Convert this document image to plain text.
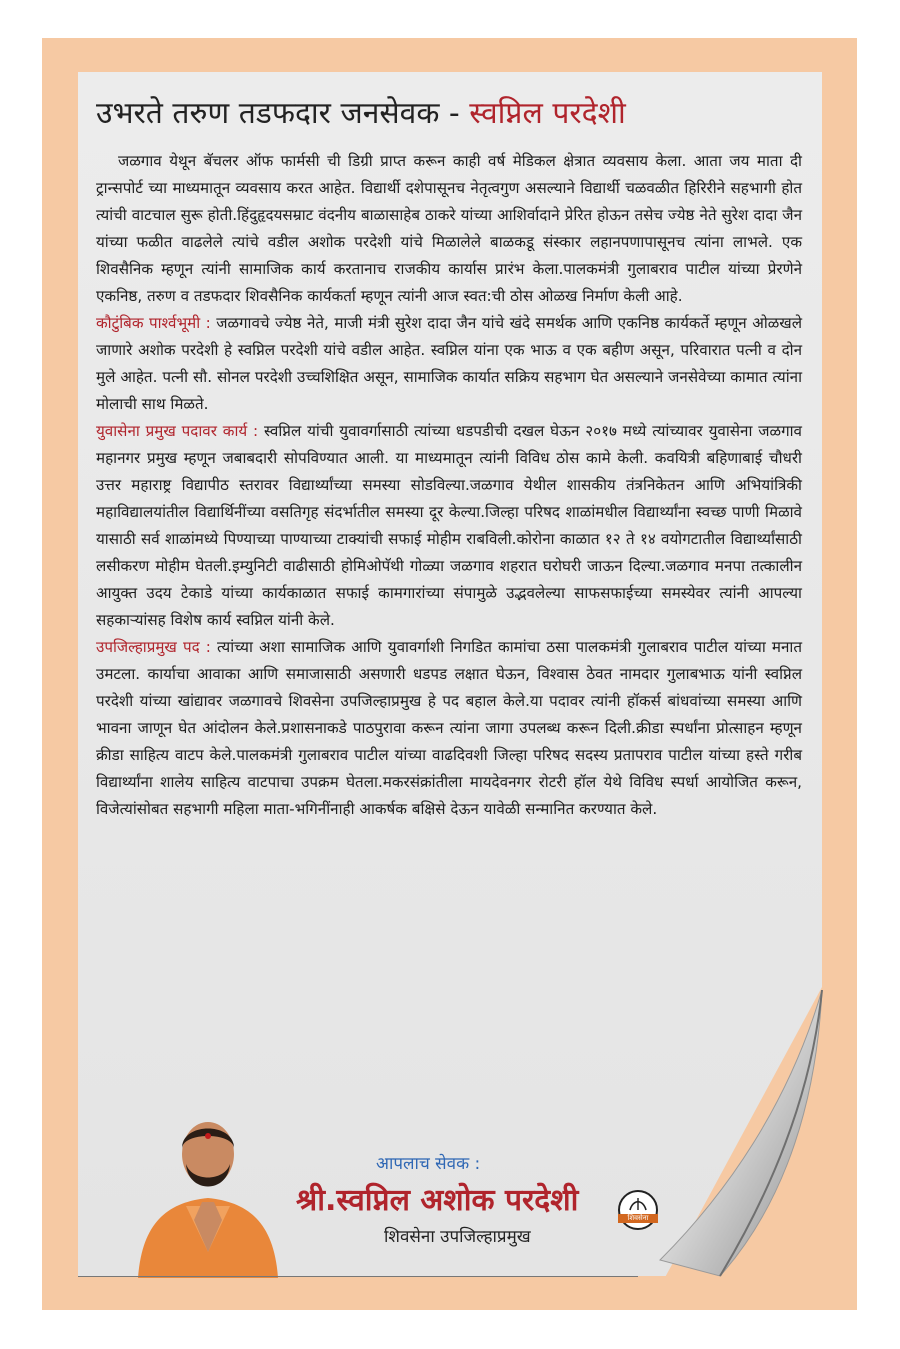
उभरते तरुण तडफदार जनसेवक - स्वप्निल परदेशी

जळगाव येथून बॅचलर ऑफ फार्मसी ची डिग्री प्राप्त करून काही वर्ष मेडिकल क्षेत्रात व्यवसाय केला. आता जय माता दी ट्रान्सपोर्ट च्या माध्यमातून व्यवसाय करत आहेत. विद्यार्थी दशेपासूनच नेतृत्वगुण असल्याने विद्यार्थी चळवळीत हिरिरीने सहभागी होत त्यांची वाटचाल सुरू होती.हिंदुहृदयसम्राट वंदनीय बाळासाहेब ठाकरे यांच्या आशिर्वादाने प्रेरित होऊन तसेच ज्येष्ठ नेते सुरेश दादा जैन यांच्या फळीत वाढलेले त्यांचे वडील अशोक परदेशी यांचे मिळालेले बाळकडू संस्कार लहानपणापासूनच त्यांना लाभले. एक शिवसैनिक म्हणून त्यांनी सामाजिक कार्य करतानाच राजकीय कार्यास प्रारंभ केला.पालकमंत्री गुलाबराव पाटील यांच्या प्रेरणेने एकनिष्ठ, तरुण व तडफदार शिवसैनिक कार्यकर्ता म्हणून त्यांनी आज स्वत:ची ठोस ओळख निर्माण केली आहे.

कौटुंबिक पार्श्वभूमी : जळगावचे ज्येष्ठ नेते, माजी मंत्री सुरेश दादा जैन यांचे खंदे समर्थक आणि एकनिष्ठ कार्यकर्ते म्हणून ओळखले जाणारे अशोक परदेशी हे स्वप्निल परदेशी यांचे वडील आहेत. स्वप्निल यांना एक भाऊ व एक बहीण असून, परिवारात पत्नी व दोन मुले आहेत. पत्नी सौ. सोनल परदेशी उच्चशिक्षित असून, सामाजिक कार्यात सक्रिय सहभाग घेत असल्याने जनसेवेच्या कामात त्यांना मोलाची साथ मिळते.

युवासेना प्रमुख पदावर कार्य : स्वप्निल यांची युवावर्गासाठी त्यांच्या धडपडीची दखल घेऊन २०१७ मध्ये त्यांच्यावर युवासेना जळगाव महानगर प्रमुख म्हणून जबाबदारी सोपविण्यात आली. या माध्यमातून त्यांनी विविध ठोस कामे केली. कवयित्री बहिणाबाई चौधरी उत्तर महाराष्ट्र विद्यापीठ स्तरावर विद्यार्थ्यांच्या समस्या सोडविल्या.जळगाव येथील शासकीय तंत्रनिकेतन आणि अभियांत्रिकी महाविद्यालयांतील विद्यार्थिनींच्या वसतिगृह संदर्भातील समस्या दूर केल्या.जिल्हा परिषद शाळांमधील विद्यार्थ्यांना स्वच्छ पाणी मिळावे यासाठी सर्व शाळांमध्ये पिण्याच्या पाण्याच्या टाक्यांची सफाई मोहीम राबविली.कोरोना काळात १२ ते १४ वयोगटातील विद्यार्थ्यांसाठी लसीकरण मोहीम घेतली.इम्युनिटी वाढीसाठी होमिओपॅथी गोळ्या जळगाव शहरात घरोघरी जाऊन दिल्या.जळगाव मनपा तत्कालीन आयुक्त उदय टेकाडे यांच्या कार्यकाळात सफाई कामगारांच्या संपामुळे उद्भवलेल्या साफसफाईच्या समस्येवर त्यांनी आपल्या सहकाऱ्यांसह विशेष कार्य स्वप्निल यांनी केले.

उपजिल्हाप्रमुख पद : त्यांच्या अशा सामाजिक आणि युवावर्गाशी निगडित कामांचा ठसा पालकमंत्री गुलाबराव पाटील यांच्या मनात उमटला. कार्याचा आवाका आणि समाजासाठी असणारी धडपड लक्षात घेऊन, विश्वास ठेवत नामदार गुलाबभाऊ यांनी स्वप्निल परदेशी यांच्या खांद्यावर जळगावचे शिवसेना उपजिल्हाप्रमुख हे पद बहाल केले.या पदावर त्यांनी हॉकर्स बांधवांच्या समस्या आणि भावना जाणून घेत आंदोलन केले.प्रशासनाकडे पाठपुरावा करून त्यांना जागा उपलब्ध करून दिली.क्रीडा स्पर्धांना प्रोत्साहन म्हणून क्रीडा साहित्य वाटप केले.पालकमंत्री गुलाबराव पाटील यांच्या वाढदिवशी जिल्हा परिषद सदस्य प्रतापराव पाटील यांच्या हस्ते गरीब विद्यार्थ्यांना शालेय साहित्य वाटपाचा उपक्रम घेतला.मकरसंक्रांतीला मायदेवनगर रोटरी हॉल येथे विविध स्पर्धा आयोजित करून, विजेत्यांसोबत सहभागी महिला माता-भगिनींनाही आकर्षक बक्षिसे देऊन यावेळी सन्मानित करण्यात केले.

आपलाच सेवक :
श्री.स्वप्निल अशोक परदेशी
शिवसेना उपजिल्हाप्रमुख
शिवसेना
